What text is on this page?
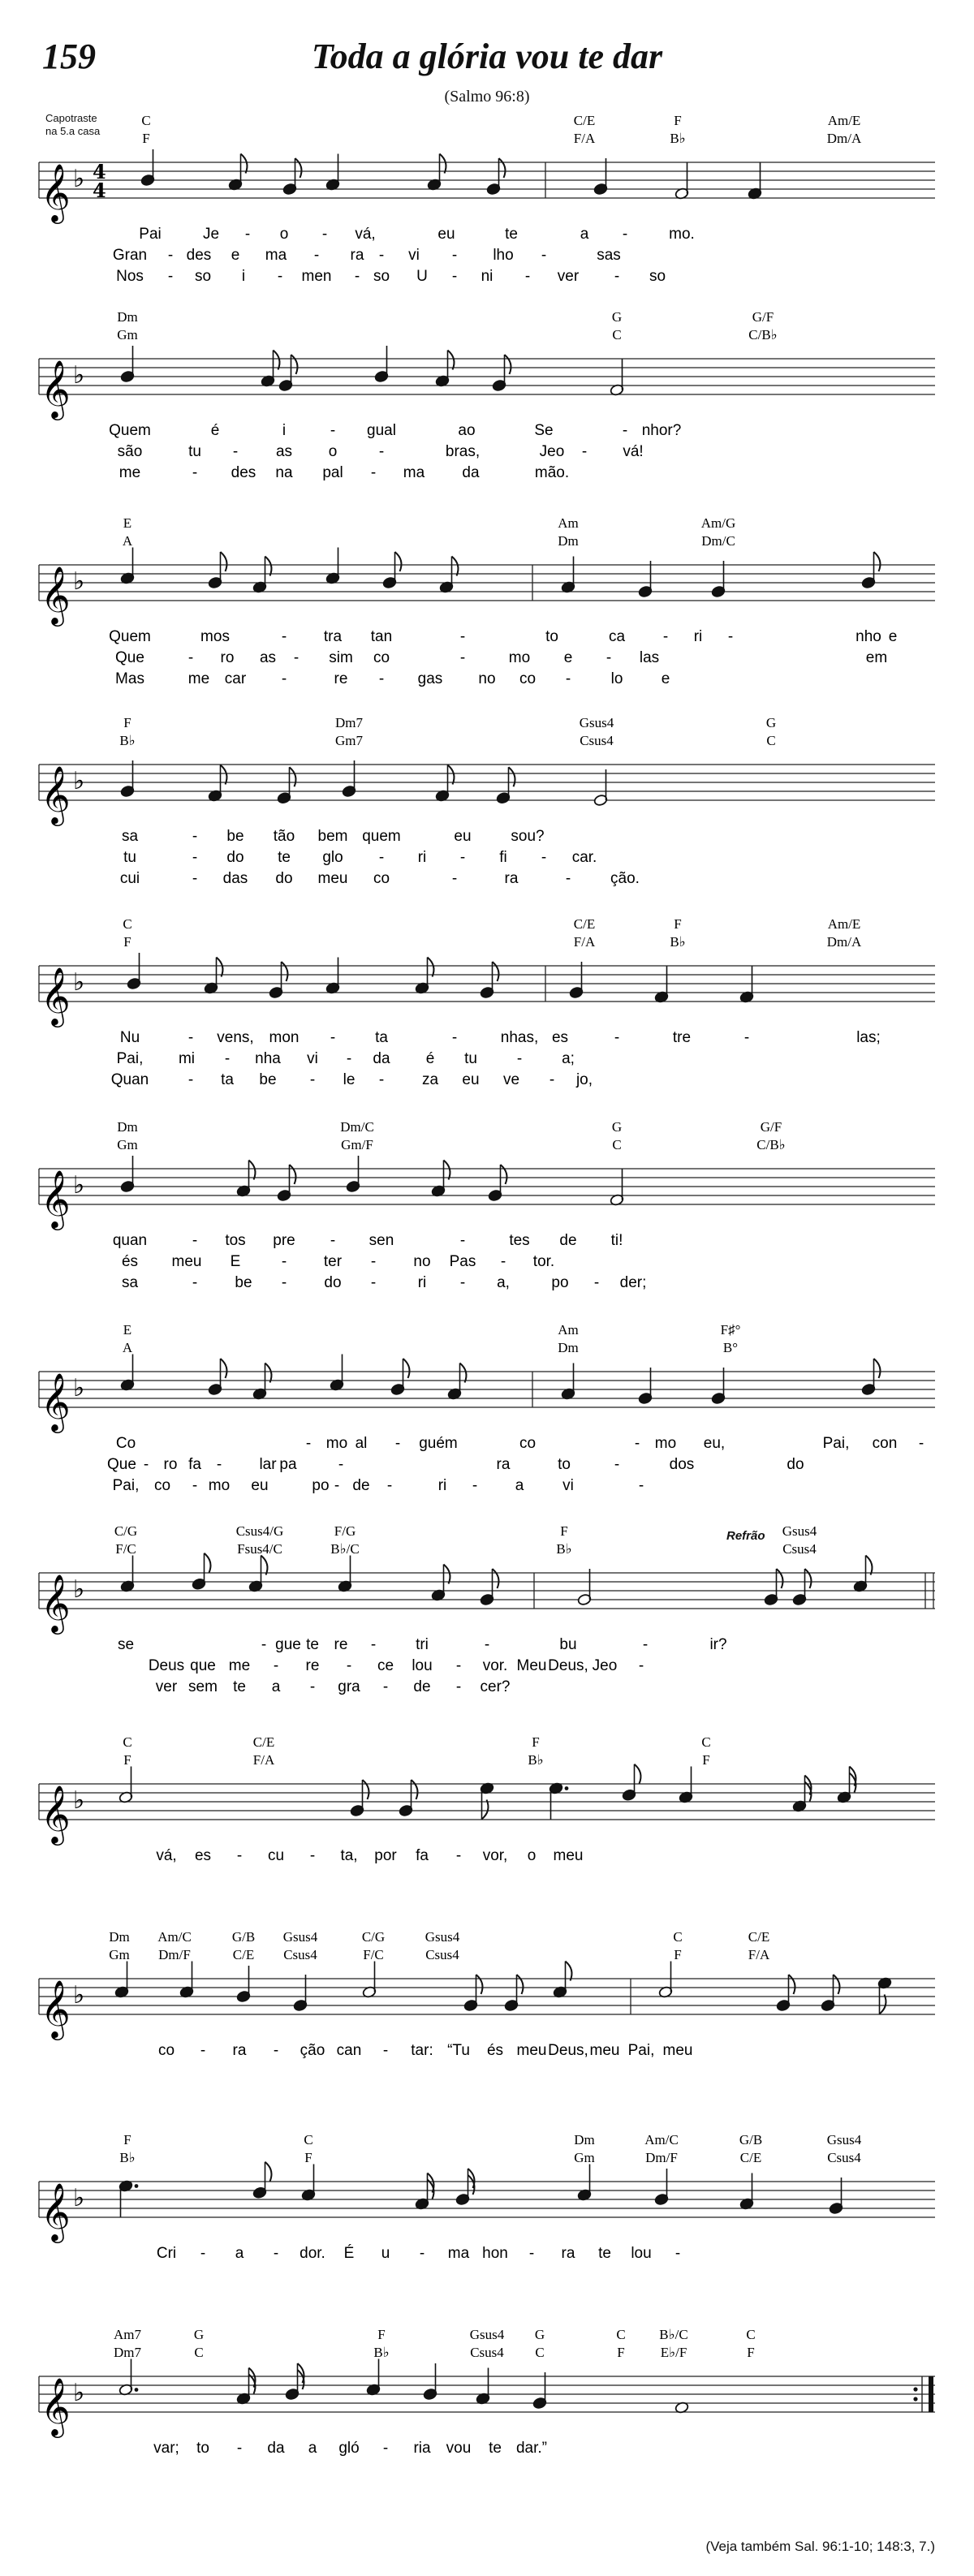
159	Toda a glória vou te dar
(Salmo 96:8)
𝄞 ♭ 4
4
C	C/E	F	Am/E
F	F/A	B♭	Dm/A
Pai	Je - o - vá,	eu	te	a -	mo.
Gran - des e ma - ra - vi - lho -	sas
Nos - so i - men - so U - ni - ver - so
𝄞 ♭
Dm	G	G/F
Gm	C	C/B♭
Quem	é	i	- gual	ao	Se	- nhor?
são	tu - as o	-	bras,	Jeo - vá!
me	- des na pal - ma da	mão.
𝄞 ♭
E	Am	Am/G
A	Dm	Dm/C
Quem	mos	- tra tan	-	to	ca - ri -	nho e
Que	- ro as - sim co	-	mo e - las	em
Mas	me car -	re - gas no co -	lo e
𝄞 ♭
F	Dm7	Gsus4	G
B♭	Gm7	Csus4	C
sa	- be tão bem quem	eu	sou?
tu	- do te glo - ri - fi - car.
cui	- das do meu co	-	ra	-	ção.
𝄞 ♭
C	C/E	F	Am/E
F	F/A	B♭	Dm/A
Nu	- vens, mon -	ta	-	nhas, es	-	tre	-	las;
Pai, mi - nha vi - da é tu	-	a;
Quan	- ta be - le - za eu ve - jo,
𝄞 ♭
Dm	Dm/C	G	G/F
Gm	Gm/F	C	C/B♭
quan	- tos pre - sen	-	tes de ti!
és meu E	- ter - no Pas - tor.
sa	- be - do -	ri - a,	po - der;
𝄞 ♭
E	Am	F♯°
A	Dm	B°
Co	- mo al - guém	co	- mo eu,	Pai, con -
Que - ro fa - lar pa	-	ra	to	-	dos	do
Pai, co - mo eu	po - de -	ri - a	vi	-
𝄞 ♭
C/G	Csus4/G	F/G	F	Gsus4
F/C	Fsus4/C	B♭/C	B♭	Csus4
se	- gue te re -	tri	-	bu	-	ir?
Deus que me - re - ce lou - vor. Meu Deus, Jeo -
ver sem te a - gra - de - cer?
𝄞 ♭
C	C/E	F	C
F	F/A	B♭	F
vá, es - cu - ta, por fa - vor, o meu
𝄞 ♭
Dm Am/C	G/B Gsus4	C/G	Gsus4	C	C/E
Gm Dm/F	C/E Csus4	F/C	Csus4	F	F/A
co - ra - ção can - tar: “Tu és meu Deus, meu Pai, meu
𝄞 ♭
F	C	Dm	Am/C	G/B	Gsus4
B♭	F	Gm	Dm/F	C/E	Csus4
Cri - a - dor. É u - ma hon - ra te lou -
𝄞 ♭
Am7	G	F	Gsus4 G	C B♭/C	C
Dm7	C	B♭	Csus4 C	F	E♭/F	F
var; to - da a gló - ria vou te dar.”
(Veja também Sal. 96:1-10; 148:3, 7.)
Capotraste
na 5.a casa
Refrão
